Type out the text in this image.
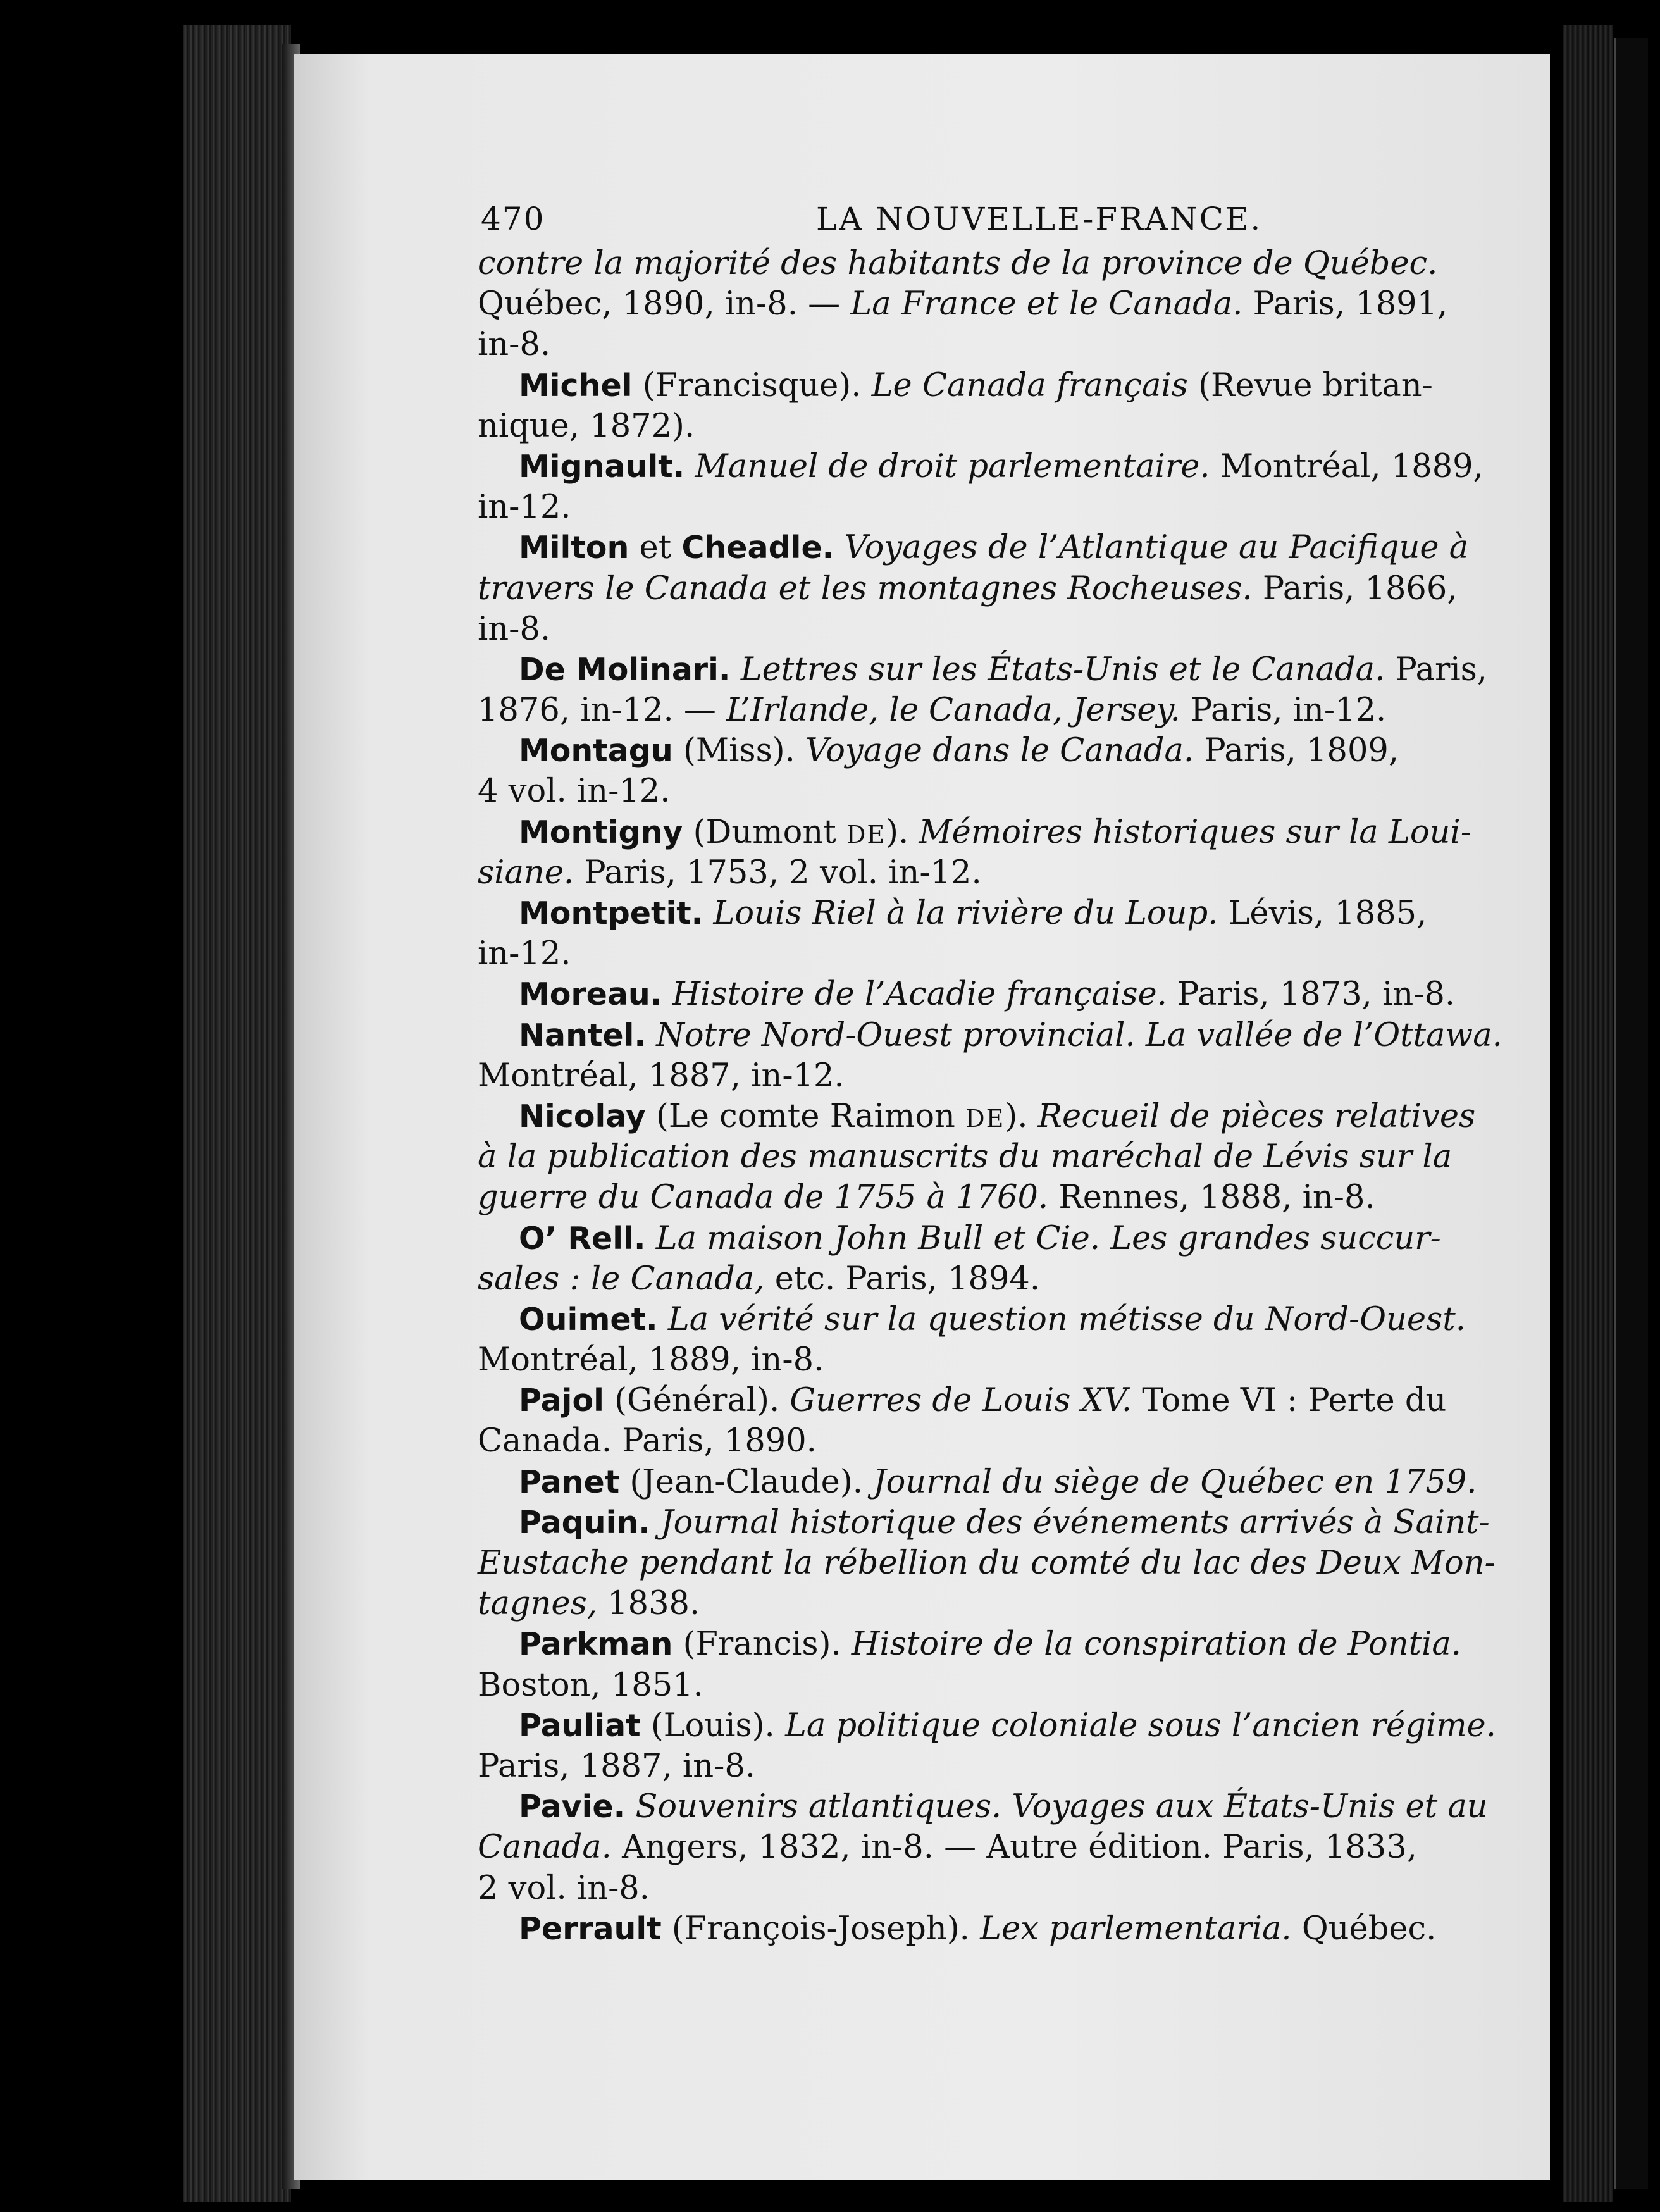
470	LA NOUVELLE-FRANCE.
contre la majorité des habitants de la province de Québec.
Québec, 1890, in-8. — La France et le Canada. Paris, 1891,
in-8.
Michel (Francisque). Le Canada français (Revue britan-
nique, 1872).
Mignault. Manuel de droit parlementaire. Montréal, 1889,
in-12.
Milton et Cheadle. Voyages de l’Atlantique au Pacifique à
travers le Canada et les montagnes Rocheuses. Paris, 1866,
in-8.
De Molinari. Lettres sur les États-Unis et le Canada. Paris,
1876, in-12. — L’Irlande, le Canada, Jersey. Paris, in-12.
Montagu (Miss). Voyage dans le Canada. Paris, 1809,
4 vol. in-12.
Montigny (Dumont DE). Mémoires historiques sur la Loui-
siane. Paris, 1753, 2 vol. in-12.
Montpetit. Louis Riel à la rivière du Loup. Lévis, 1885,
in-12.
Moreau. Histoire de l’Acadie française. Paris, 1873, in-8.
Nantel. Notre Nord-Ouest provincial. La vallée de l’Ottawa.
Montréal, 1887, in-12.
Nicolay (Le comte Raimon DE). Recueil de pièces relatives
à la publication des manuscrits du maréchal de Lévis sur la
guerre du Canada de 1755 à 1760. Rennes, 1888, in-8.
O’ Rell. La maison John Bull et Cie. Les grandes succur-
sales : le Canada, etc. Paris, 1894.
Ouimet. La vérité sur la question métisse du Nord-Ouest.
Montréal, 1889, in-8.
Pajol (Général). Guerres de Louis XV. Tome VI : Perte du
Canada. Paris, 1890.
Panet (Jean-Claude). Journal du siège de Québec en 1759.
Paquin. Journal historique des événements arrivés à Saint-
Eustache pendant la rébellion du comté du lac des Deux Mon-
tagnes, 1838.
Parkman (Francis). Histoire de la conspiration de Pontia.
Boston, 1851.
Pauliat (Louis). La politique coloniale sous l’ancien régime.
Paris, 1887, in-8.
Pavie. Souvenirs atlantiques. Voyages aux États-Unis et au
Canada. Angers, 1832, in-8. — Autre édition. Paris, 1833,
2 vol. in-8.
Perrault (François-Joseph). Lex parlementaria. Québec.
